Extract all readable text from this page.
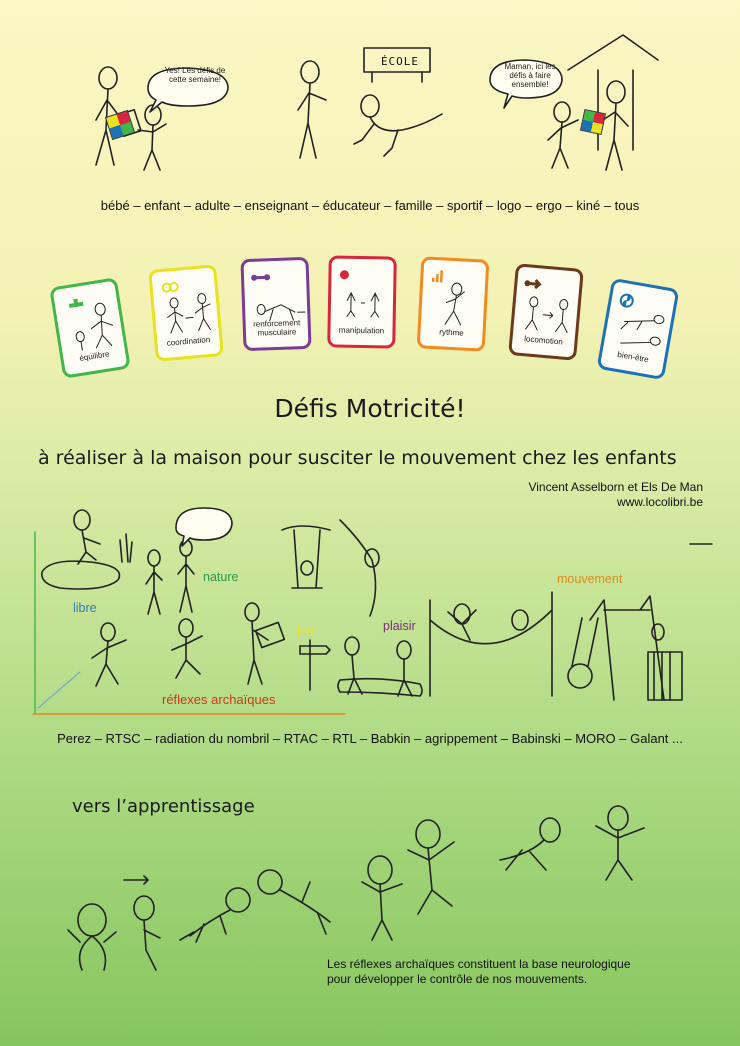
Yes! Les défis de cette semaine!
ÉCOLE	Maman, ici les défis à faire ensemble!
bébé – enfant – adulte – enseignant – éducateur – famille – sportif – logo – ergo – kiné – tous
équilibre
coordination
renforcement musculaire	manipulation	rythme
locomotion
bien-être
Défis Motricité!
à réaliser à la maison pour susciter le mouvement chez les enfants
Vincent Asselborn et Els De Man
www.locolibri.be
nature
libre
jeu	plaisir
mouvement
réflexes archaïques
Perez – RTSC – radiation du nombril – RTAC – RTL – Babkin – agrippement – Babinski – MORO – Galant ...
vers l’apprentissage
Les réflexes archaïques constituent la base neurologique
pour développer le contrôle de nos mouvements.
